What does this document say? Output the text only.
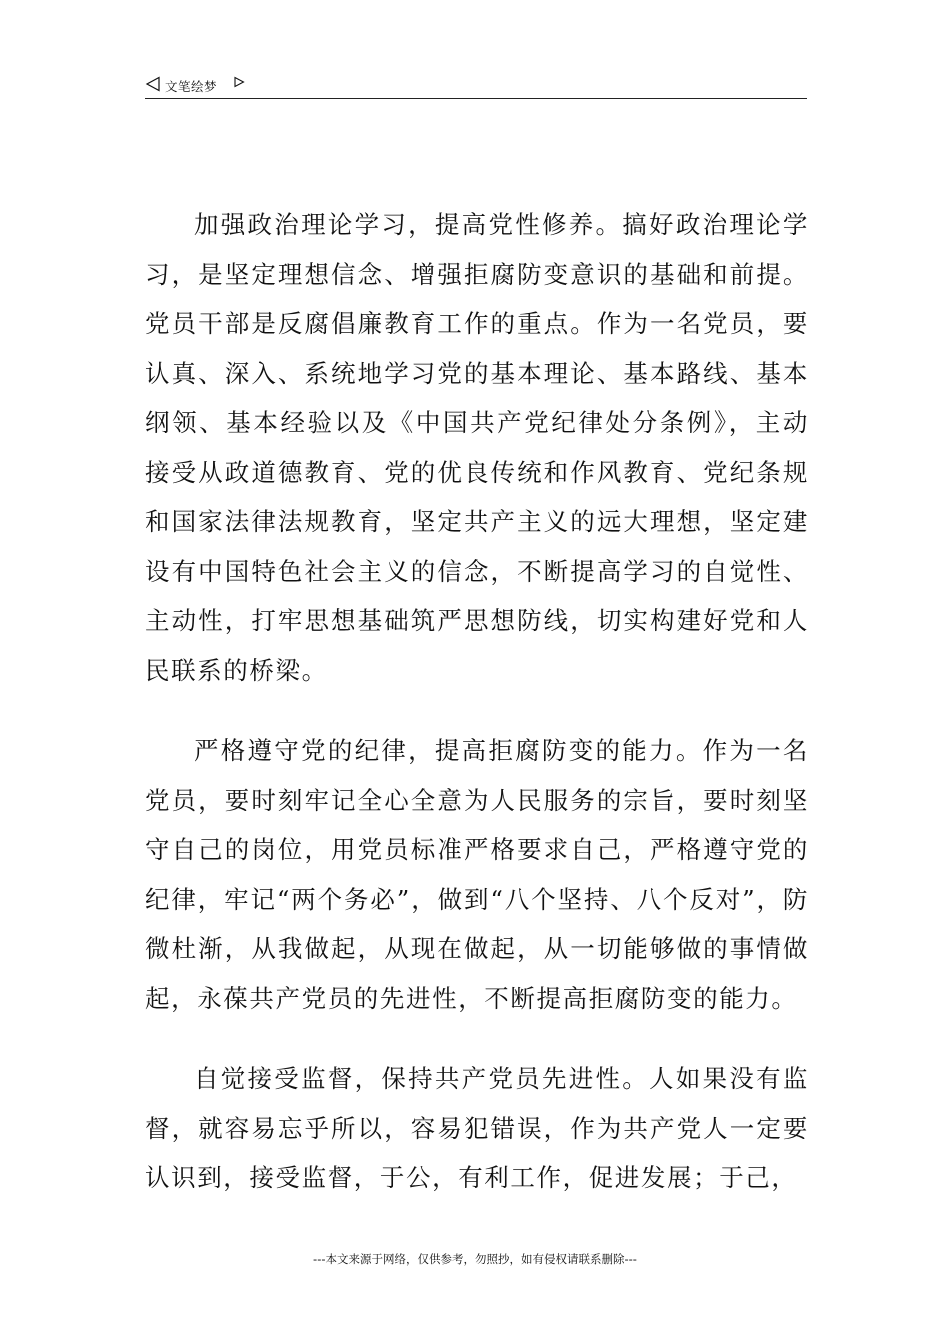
文笔绘梦

加强政治理论学习，提高党性修养。搞好政治理论学习，是坚定理想信念、增强拒腐防变意识的基础和前提。党员干部是反腐倡廉教育工作的重点。作为一名党员，要认真、深入、系统地学习党的基本理论、基本路线、基本纲领、基本经验以及《中国共产党纪律处分条例》，主动接受从政道德教育、党的优良传统和作风教育、党纪条规和国家法律法规教育，坚定共产主义的远大理想，坚定建设有中国特色社会主义的信念，不断提高学习的自觉性、主动性，打牢思想基础筑严思想防线，切实构建好党和人民联系的桥梁。

严格遵守党的纪律，提高拒腐防变的能力。作为一名党员，要时刻牢记全心全意为人民服务的宗旨，要时刻坚守自己的岗位，用党员标准严格要求自己，严格遵守党的纪律，牢记“两个务必”，做到“八个坚持、八个反对”，防微杜渐，从我做起，从现在做起，从一切能够做的事情做起，永葆共产党员的先进性，不断提高拒腐防变的能力。

自觉接受监督，保持共产党员先进性。人如果没有监督，就容易忘乎所以，容易犯错误，作为共产党人一定要认识到，接受监督，于公，有利工作，促进发展；于己，

---本文来源于网络，仅供参考，勿照抄，如有侵权请联系删除---
